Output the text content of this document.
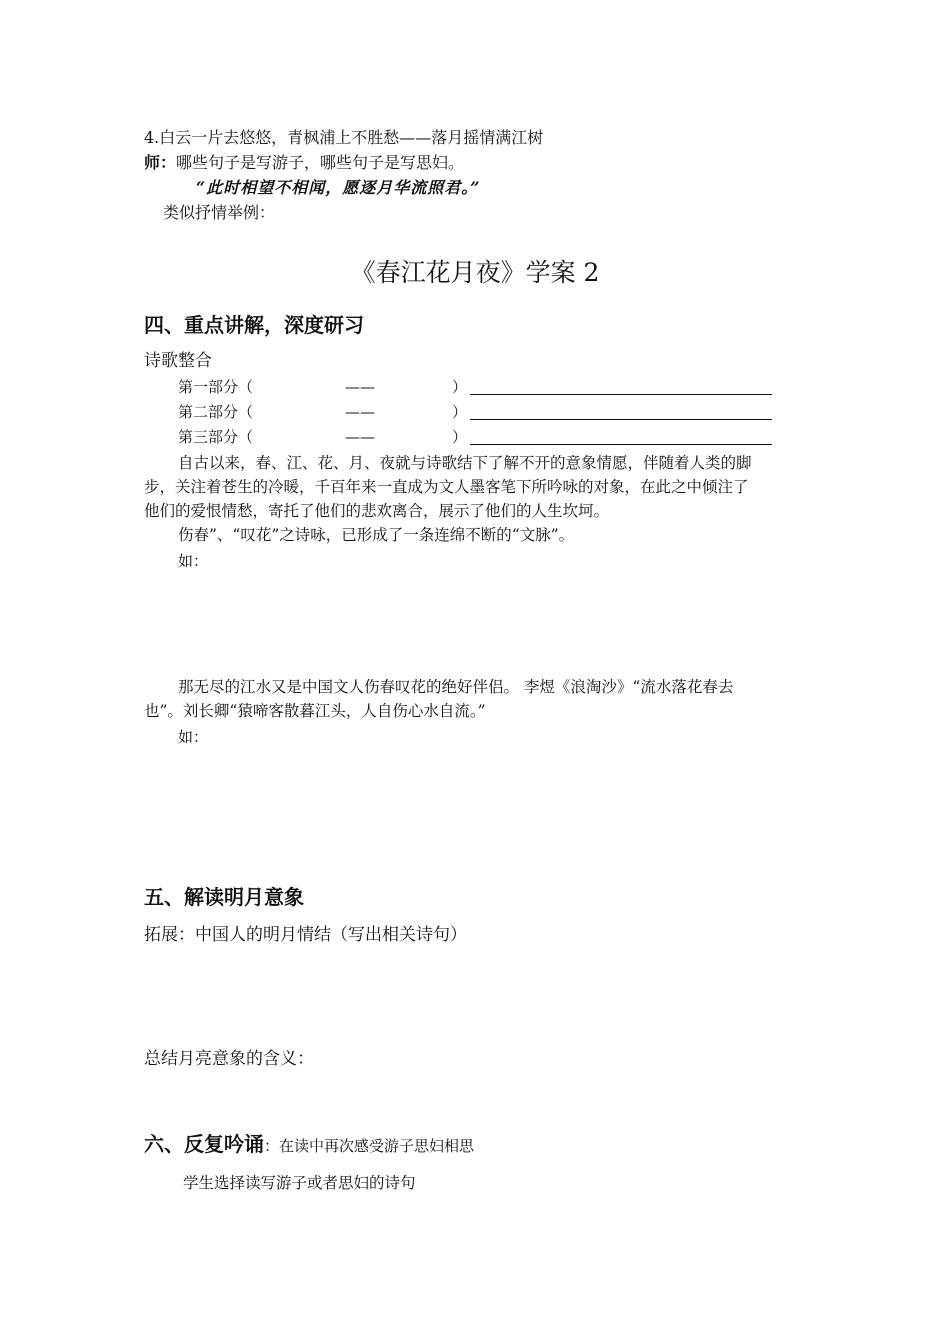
4.白云一片去悠悠，青枫浦上不胜愁——落月摇情满江树
师：哪些句子是写游子，哪些句子是写思妇。
“此时相望不相闻，愿逐月华流照君。”
类似抒情举例：
《春江花月夜》学案 2
四、重点讲解，深度研习
诗歌整合
第一部分（	——	）
第二部分（	——	）
第三部分（	——	）
自古以来，春、江、花、月、夜就与诗歌结下了解不开的意象情愿，伴随着人类的脚
步，关注着苍生的冷暖，千百年来一直成为文人墨客笔下所吟咏的对象，在此之中倾注了
他们的爱恨情愁，寄托了他们的悲欢离合，展示了他们的人生坎坷。
伤春”、“叹花”之诗咏，已形成了一条连绵不断的“文脉”。
如：
那无尽的江水又是中国文人伤春叹花的绝好伴侣。 李煜《浪淘沙》“流水落花春去
也”。刘长卿“猿啼客散暮江头，人自伤心水自流。”
如：
五、解读明月意象
拓展：中国人的明月情结（写出相关诗句）
总结月亮意象的含义：
六、反复吟诵：在读中再次感受游子思妇相思
学生选择读写游子或者思妇的诗句
